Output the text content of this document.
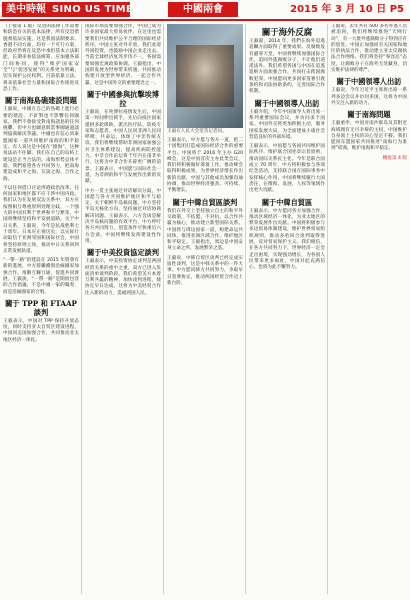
美中時報 SINO US TIMES	中國兩會	2015 年 3 月 10 日 P5

（上接第 1 版）反恐的法律工作需要和防恐有关的基本法律，所有反恐措施须依法实施，这是我国法制要求。香港不同方面，均有一个可行方案，但政府仍将在反恐中承担基本立法职能，长期来看依法统筹，应加强各部门间协同，使得“维护国家安全”与“促进发展”的关系更为明确，切实保护公民权利。目前依靠立法，将来依靠社会力量和国际合作推进反恐工作。

關于南海島礁建設問題

王毅说，中國在自己的島礁上進行必要的建設，不針對也不影響任何國家。我們不會接受對南海諸島的任何挑釁，但中方也願意與當事國通過談判協商解決爭議。中國也有信心同東盟國家一道共同维护南海的和平稳定。有人说这是中国在“搶海”，这种说法站不住脚。我们在自己的岛屿上建设是正当合法的。南海形势总体平稳，我們希望各方共同努力，把南海建設成和平之海、友誼之海、合作之海。

不以任何借口讨论涉港政治改革，任何国家和地区都不应干涉中国内政。我们认为在发展双边关系中，双方应按照相互尊重原则处理分歧，一个强大的中国有利于世界和平与繁荣，中国将继续坚持和平发展道路。关于中日关系，王毅说，今年是抗战胜利七十周年。日本应正视历史，以实际行动取信于亚洲邻国和国际社会，中国将坚持原则立场，推动中日关系回到正常发展轨道。

“一帶一路”的建設在 2015 年將會有新的進展，中方將繼續與沿線國家加強合作，推動互聯互通，促進共同發展。王毅說，“一帶一路”是開放包容的合作倡議，不是中國一家的獨奏，而是沿線國家的合唱。

關于 TPP 和 FTAAP 談判

王毅表示，中国对 TPP 保持开放态度，同时支持亚太自贸区建设进程，中国同美国加强合作，共同推动亚太地区经济一体化。

国际市场需要加强合作，中国已成为许多国家最大贸易伙伴，在这里也需要我们共同维护公平合理的国际经济秩序。中国主张对外开放，我们欢迎外国投资，也鼓励中国企业走出去。当前全球经济复苏步伐不一，各国需要加强宏观政策协调。王毅指出，中国的发展为世界带来机遇，共同推动构建开放型世界经济，一起合作共赢，这是中国外交的重要理念之一。

關于中國參與抗擊埃博拉

王毅说，在埃博拉疫情发生后，中国第一时间伸出援手，先后向疫区国家提供多轮援助，派出医疗队、防疫专家和志愿者。中国人民同非洲人民同呼吸、共命运，体现了中非传统友谊。我们将继续帮助非洲国家加强公共卫生体系建设，提高疾病防控能力。中非合作论坛将于年内在南非举行，这将为中非合作开辟更广阔的前景。王毅表示，中国愿与国际社会一道，为非洲的和平与发展作出新的贡献。

中方一贯主张通过对话解决分歧，中国愿与各方共同维护地区和平与稳定。关于朝鲜半岛核问题，中方坚持半岛无核化方向，坚持通过对话协商解决问题。王毅表示，六方会谈是解决半岛核问题的有效平台，中方呼吁各方共同努力，创造条件尽快重启六方会谈。中国将继续发挥建设性作用。

關于中美投資協定談判

王毅表示，中美投资协定谈判是两国经贸关系的重中之重，双方已进入负面清单谈判阶段。我们希望美方本着互利共赢的精神，加快谈判进程，使协定早日达成，这将为中美经贸合作注入新的动力，造福两国人民。

王毅在人民大会堂答记者问。

王毅表示，中方愿与各方一道，把二十国集团打造成国际经济合作的重要平台。中国将于 2016 年主办 G20 峰会，这是中国首次主办此类会议，我们将积极做好筹备工作，推动峰会取得积极成果，为世界经济增长作出新的贡献，中国与其他成员加强沟通协调，推动世界经济强劲、可持续、平衡增长。

關于中韓自貿區談判

我们在外交上坚持独立自主的和平外交政策，不结盟、不对抗，以合作共赢为核心，推动建立新型国际关系。中国将与周边国家一道，构建命运共同体，推进亚洲区域合作，维护地区和平稳定。王毅指出，周边是中国安身立命之所，发展繁荣之基。

王毅说，中韩自贸区谈判已经完成实质性谈判，这是中韩关系中的一件大事。中方愿同韩方共同努力，争取早日签署协定，推动两国经贸合作迈上新台阶。

關于海外反腐

王毅說，2014 年，我們在海外追逃追贓方面取得了重要成果。反腐败没有避罪天堂，中国将继续加强国际合作，追回外逃腐败分子，不让他们逍遥法外。我们希望各国与中国在追逃追赃方面加强合作，共同打击跨国腐败犯罪。中国愿同更多国家签署引渡条约和司法协助条约，完善国际合作机制。

關于中國領導人出訪

王毅介绍，今年中国领导人将出席一系列重要国际会议，并访问多个国家。中国外交将更加积极主动，服务国家发展大局，为全面建成小康社会营造良好的外部环境。

王毅表示，中国愿与各国共同维护国际秩序，维护联合国宪章宗旨原则，推动国际关系民主化。今年是联合国成立 70 周年，中方将积极参与各项纪念活动，支持联合国在国际事务中发挥核心作用，中国将继续履行大国责任，在维和、发展、人权等领域作出更大贡献。

關于中韓自貿區

王毅表示，中方愿同各方加强合作，推动区域经济一体化，为亚太地区的繁荣发展作出贡献。中国将积极参与多边贸易体制建设，维护世界贸易组织规则，推动多哈回合谈判取得进展，反对贸易保护主义。我们相信，在各方共同努力下，世界经济一定会走出困境，实现强劲增长，为各国人民带来更多福祉，中国对此充满信心，也将为此不懈努力。

王毅说，去年共有 500 多名外逃人员被追回，我们将继续推进“天网行动”，有一大批外逃腐败分子得到应有的惩处。中国正加强同有关国家和地区的执法合作，推动建立亚太反腐执法合作网络。我们将坚持“零容忍”态度，让腐败分子在海外无处藏身，切实维护法律的尊严。

關于中國領導人出訪

王毅说，今年习近平主席将出席一系列多边会议并访问多国，这将为中国外交注入新的动力。

關于南海問題

王毅重申，中国对南沙群岛及其附近海域拥有无可争辩的主权，中国维护自身领土主权的决心坚定不移。我们愿同东盟国家共同推进“南海行为准则”磋商，维护南海和平稳定。

轉接第 4 版
